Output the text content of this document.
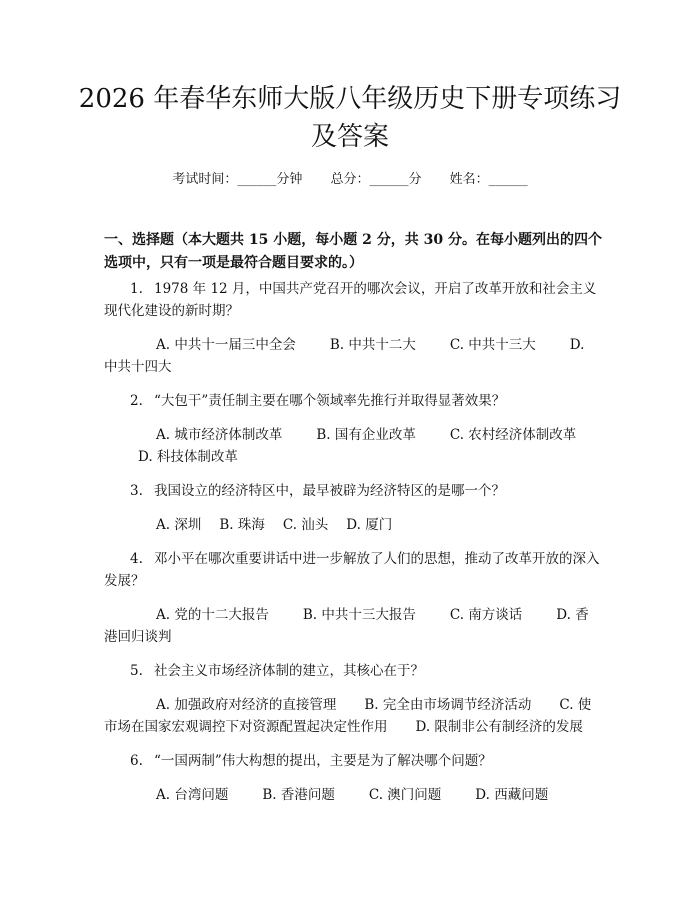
2026 年春华东师大版八年级历史下册专项练习及答案
考试时间：______分钟 总分：______分 姓名：______
一、选择题（本大题共 15 小题，每小题 2 分，共 30 分。在每小题列出的四个选项中，只有一项是最符合题目要求的。）
1. 1978 年 12 月，中国共产党召开的哪次会议，开启了改革开放和社会主义现代化建设的新时期？
A. 中共十一届三中全会	B. 中共十二大	C. 中共十三大	D. 中共十四大
2. “大包干”责任制主要在哪个领域率先推行并取得显著效果？
A. 城市经济体制改革	B. 国有企业改革	C. 农村经济体制改革D. 科技体制改革
3. 我国设立的经济特区中，最早被辟为经济特区的是哪一个？
A. 深圳 B. 珠海 C. 汕头 D. 厦门
4. 邓小平在哪次重要讲话中进一步解放了人们的思想，推动了改革开放的深入发展？
A. 党的十二大报告	B. 中共十三大报告	C. 南方谈话	D. 香港回归谈判
5. 社会主义市场经济体制的建立，其核心在于？
A. 加强政府对经济的直接管理 B. 完全由市场调节经济活动 C. 使市场在国家宏观调控下对资源配置起决定性作用 D. 限制非公有制经济的发展
6. “一国两制”伟大构想的提出，主要是为了解决哪个问题？
A. 台湾问题	B. 香港问题	C. 澳门问题	D. 西藏问题
